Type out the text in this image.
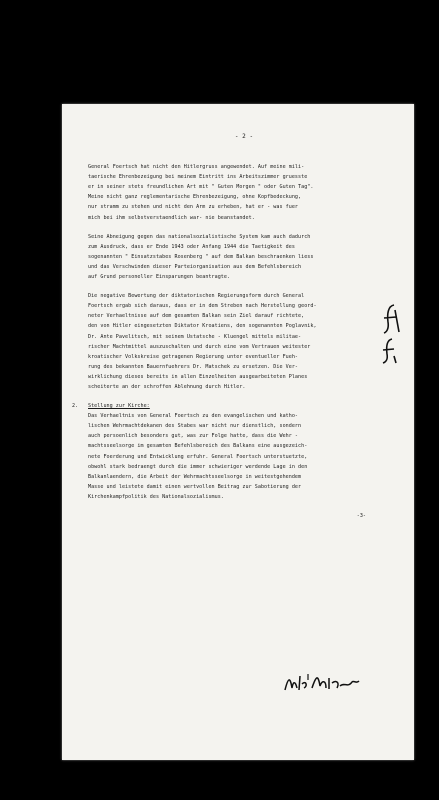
- 2 -
General Foertsch hat nicht den Hitlergruss angewendet. Auf meine mili-
taerische Ehrenbezeigung bei meinem Eintritt ins Arbeitszimmer gruesste
er in seiner stets freundlichen Art mit " Guten Morgen " oder Guten Tag".
Meine nicht ganz reglementarische Ehrenbezeigung, ohne Kopfbedeckung,
nur stramm zu stehen und nicht den Arm zu erheben, hat er - was fuer
mich bei ihm selbstverstaendlich war- nie beanstandet.
Seine Abneigung gegen das nationalsozialistische System kam auch dadurch
zum Ausdruck, dass er Ende 1943 oder Anfang 1944 die Taetigkeit des
sogenannten " Einsatzstabes Rosenberg " auf dem Balkan beschraenken liess
und das Verschwinden dieser Parteiorganisation aus dem Befehlsbereich
auf Grund personeller Einsparungen beantragte.
Die negative Bewertung der diktatorischen Regierungsform durch General
Foertsch ergab sich daraus, dass er in dem Streben nach Herstellung geord-
neter Verhaeltnisse auf dem gesamten Balkan sein Ziel darauf richtete,
den von Hitler eingesetzten Diktator Kroatiens, den sogenannten Poglavnik,
Dr. Ante Pavelitsch, mit seinem Ustatsche - Kluengel mittels militae-
rischer Machtmittel auszuschalten und durch eine vom Vertrauen weitester
kroatischer Volkskreise getragenen Regierung unter eventueller Fueh-
rung des bekannten Bauernfuehrers Dr. Matschek zu ersetzen. Die Ver-
wirklichung dieses bereits in allen Einzelheiten ausgearbeiteten Planes
scheiterte an der schroffen Ablehnung durch Hitler.
2. Stellung zur Kirche:
Das Verhaeltnis von General Foertsch zu den evangelischen und katho-
lischen Wehrmachtdekanen des Stabes war nicht nur dienstlich, sondern
auch persoenlich besonders gut, was zur Folge hatte, dass die Wehr -
machtsseelsorge im gesamten Befehlsbereich des Balkans eine ausgezeich-
nete Foerderung und Entwicklung erfuhr. General Foertsch unterstuetzte,
obwohl stark bedraengt durch die immer schwieriger werdende Lage in den
Balkanlaendern, die Arbeit der Wehrmachtsseelsorge in weitestgehendem
Masse und leistete damit einen wertvollen Beitrag zur Sabotierung der
Kirchenkampfpolitik des Nationalsozialismus.
-3-
